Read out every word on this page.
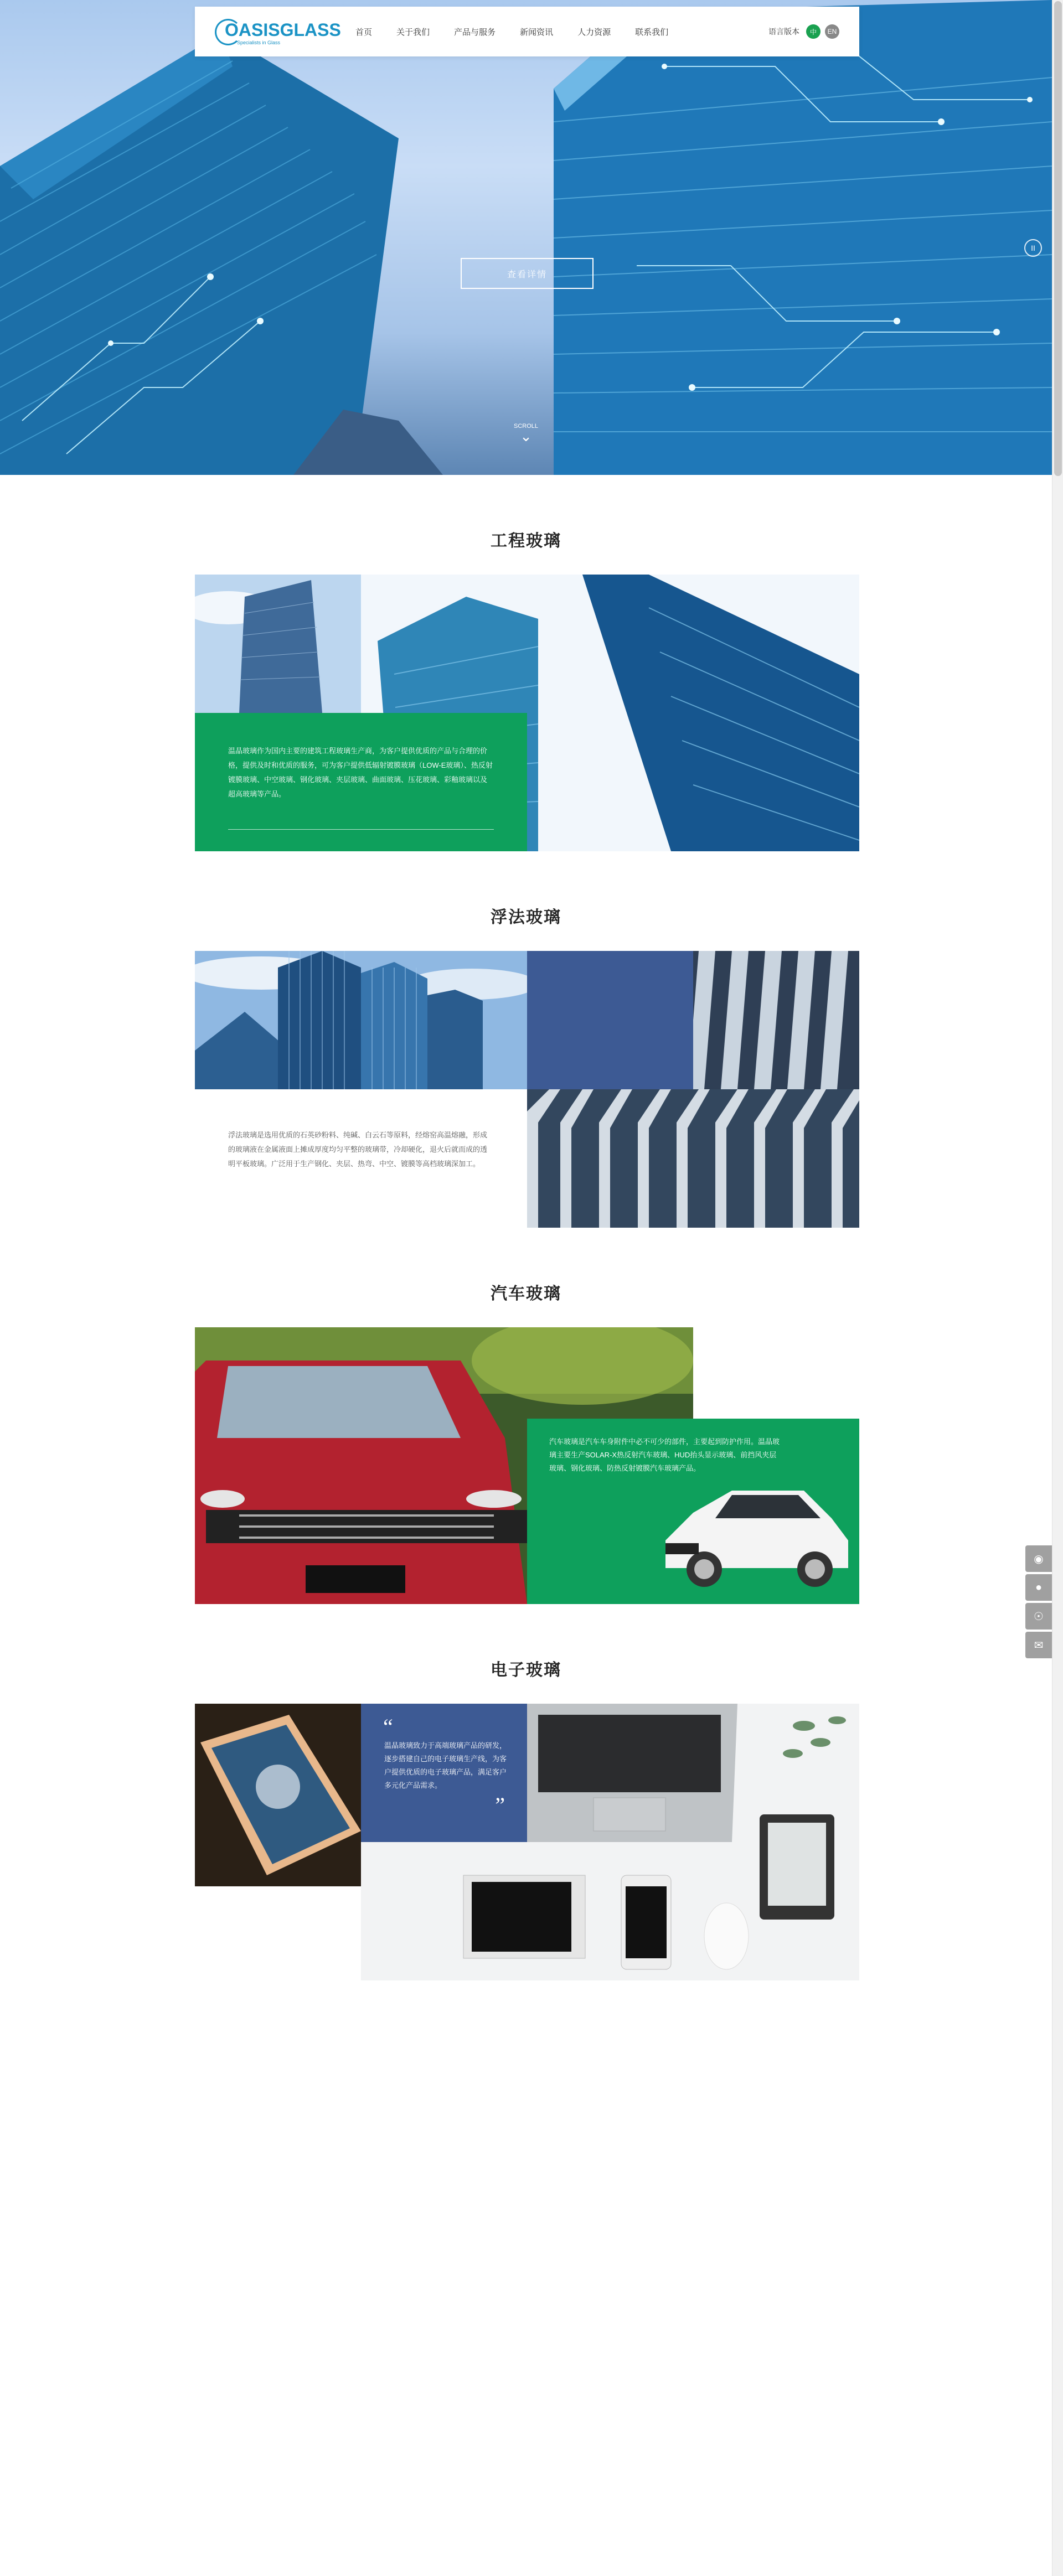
OASISGLASS
Specialists in Glass
首页	关于我们	产品与服务	新闻资讯	人力资源	联系我们	语言版本	中	EN
查看详情
II
SCROLL
⌄
工程玻璃
温晶玻璃作为国内主要的建筑工程玻璃生产商，为客户提供优质的产品与合理的价格，提供及时和优质的服务，可为客户提供低辐射镀膜玻璃（LOW-E玻璃）、热反射镀膜玻璃、中空玻璃、钢化玻璃、夹层玻璃、曲面玻璃、压花玻璃、彩釉玻璃以及超高玻璃等产品。
浮法玻璃
浮法玻璃是选用优质的石英砂粉料、纯碱、白云石等原料，经熔窑高温熔融，形成的玻璃液在金属液面上摊成厚度均匀平整的玻璃带，冷却硬化，退火后就而成的透明平板玻璃。广泛用于生产钢化、夹层、热弯、中空、镀膜等高档玻璃深加工。
汽车玻璃
汽车玻璃是汽车车身附件中必不可少的部件，主要起到防护作用。温晶玻璃主要生产SOLAR-X热反射汽车玻璃、HUD抬头显示玻璃、前挡风夹层玻璃、钢化玻璃、防热反射镀膜汽车玻璃产品。
电子玻璃
“
温晶玻璃致力于高端玻璃产品的研发，逐步搭建自己的电子玻璃生产线，为客户提供优质的电子玻璃产品，满足客户多元化产品需求。
”
◉
●
☉
✉
